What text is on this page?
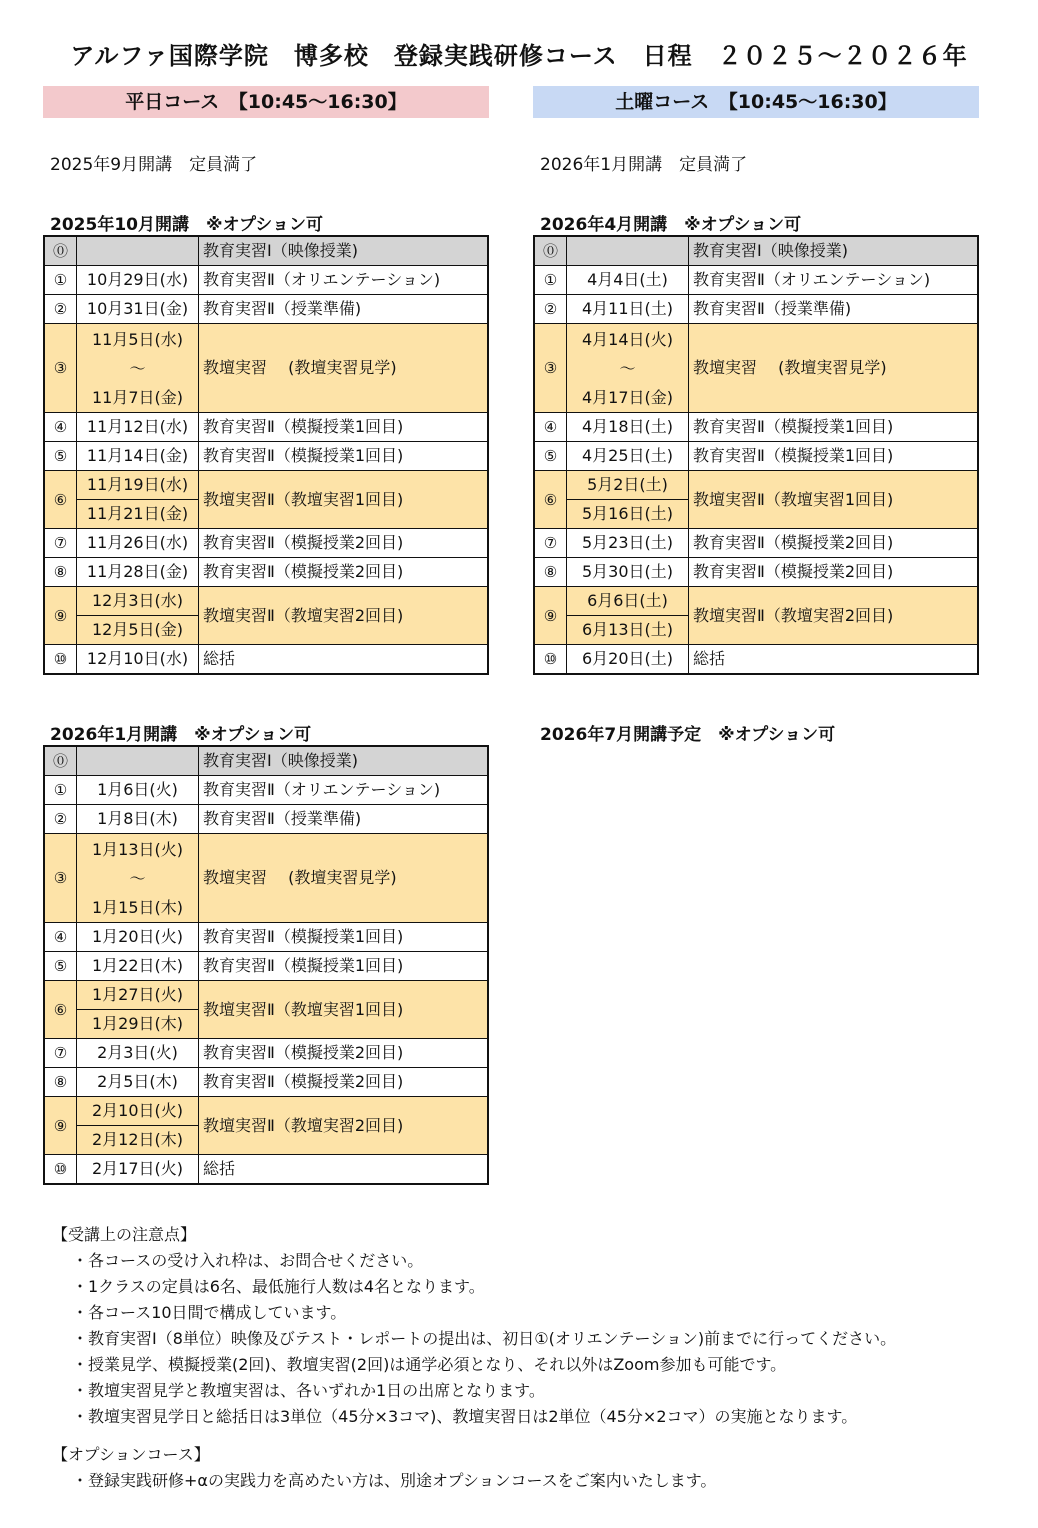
アルファ国際学院　博多校　登録実践研修コース　日程　２０２５～２０２６年
平日コース　【10:45～16:30】	土曜コース　【10:45～16:30】
2025年9月開講　定員満了	2026年1月開講　定員満了
2025年10月開講　※オプション可	2026年4月開講　※オプション可
2026年1月開講　※オプション可	2026年7月開講予定　※オプション可
⓪		教育実習Ⅰ（映像授業)
①	10月29日(水)	教育実習Ⅱ（オリエンテーション)
②	10月31日(金)	教育実習Ⅱ（授業準備)
③	11月5日(水)
～
11月7日(金)	教壇実習　 (教壇実習見学)
④	11月12日(水)	教育実習Ⅱ（模擬授業1回目)
⑤	11月14日(金)	教育実習Ⅱ（模擬授業1回目)
⑥	11月19日(水)	教壇実習Ⅱ（教壇実習1回目)
	11月21日(金)	
⑦	11月26日(水)	教育実習Ⅱ（模擬授業2回目)
⑧	11月28日(金)	教育実習Ⅱ（模擬授業2回目)
⑨	12月3日(水)	教壇実習Ⅱ（教壇実習2回目)
	12月5日(金)	
⑩	12月10日(水)	総括
⓪		教育実習Ⅰ（映像授業)
①	4月4日(土)	教育実習Ⅱ（オリエンテーション)
②	4月11日(土)	教育実習Ⅱ（授業準備)
③	4月14日(火)
～
4月17日(金)	教壇実習　 (教壇実習見学)
④	4月18日(土)	教育実習Ⅱ（模擬授業1回目)
⑤	4月25日(土)	教育実習Ⅱ（模擬授業1回目)
⑥	5月2日(土)	教壇実習Ⅱ（教壇実習1回目)
	5月16日(土)	
⑦	5月23日(土)	教育実習Ⅱ（模擬授業2回目)
⑧	5月30日(土)	教育実習Ⅱ（模擬授業2回目)
⑨	6月6日(土)	教壇実習Ⅱ（教壇実習2回目)
	6月13日(土)	
⑩	6月20日(土)	総括
⓪		教育実習Ⅰ（映像授業)
①	1月6日(火)	教育実習Ⅱ（オリエンテーション)
②	1月8日(木)	教育実習Ⅱ（授業準備)
③	1月13日(火)
～
1月15日(木)	教壇実習　 (教壇実習見学)
④	1月20日(火)	教育実習Ⅱ（模擬授業1回目)
⑤	1月22日(木)	教育実習Ⅱ（模擬授業1回目)
⑥	1月27日(火)	教壇実習Ⅱ（教壇実習1回目)
	1月29日(木)	
⑦	2月3日(火)	教育実習Ⅱ（模擬授業2回目)
⑧	2月5日(木)	教育実習Ⅱ（模擬授業2回目)
⑨	2月10日(火)	教壇実習Ⅱ（教壇実習2回目)
	2月12日(木)	
⑩	2月17日(火)	総括
【受講上の注意点】
・各コースの受け入れ枠は、お問合せください。
・1クラスの定員は6名、最低施行人数は4名となります。
・各コース10日間で構成しています。
・教育実習Ⅰ（8単位）映像及びテスト・レポートの提出は、初日①(オリエンテーション)前までに行ってください。
・授業見学、模擬授業(2回)、教壇実習(2回)は通学必須となり、それ以外はZoom参加も可能です。
・教壇実習見学と教壇実習は、各いずれか1日の出席となります。
・教壇実習見学日と総括日は3単位（45分×3コマ)、教壇実習日は2単位（45分×2コマ）の実施となります。
【オプションコース】
・登録実践研修+αの実践力を高めたい方は、別途オプションコースをご案内いたします。
